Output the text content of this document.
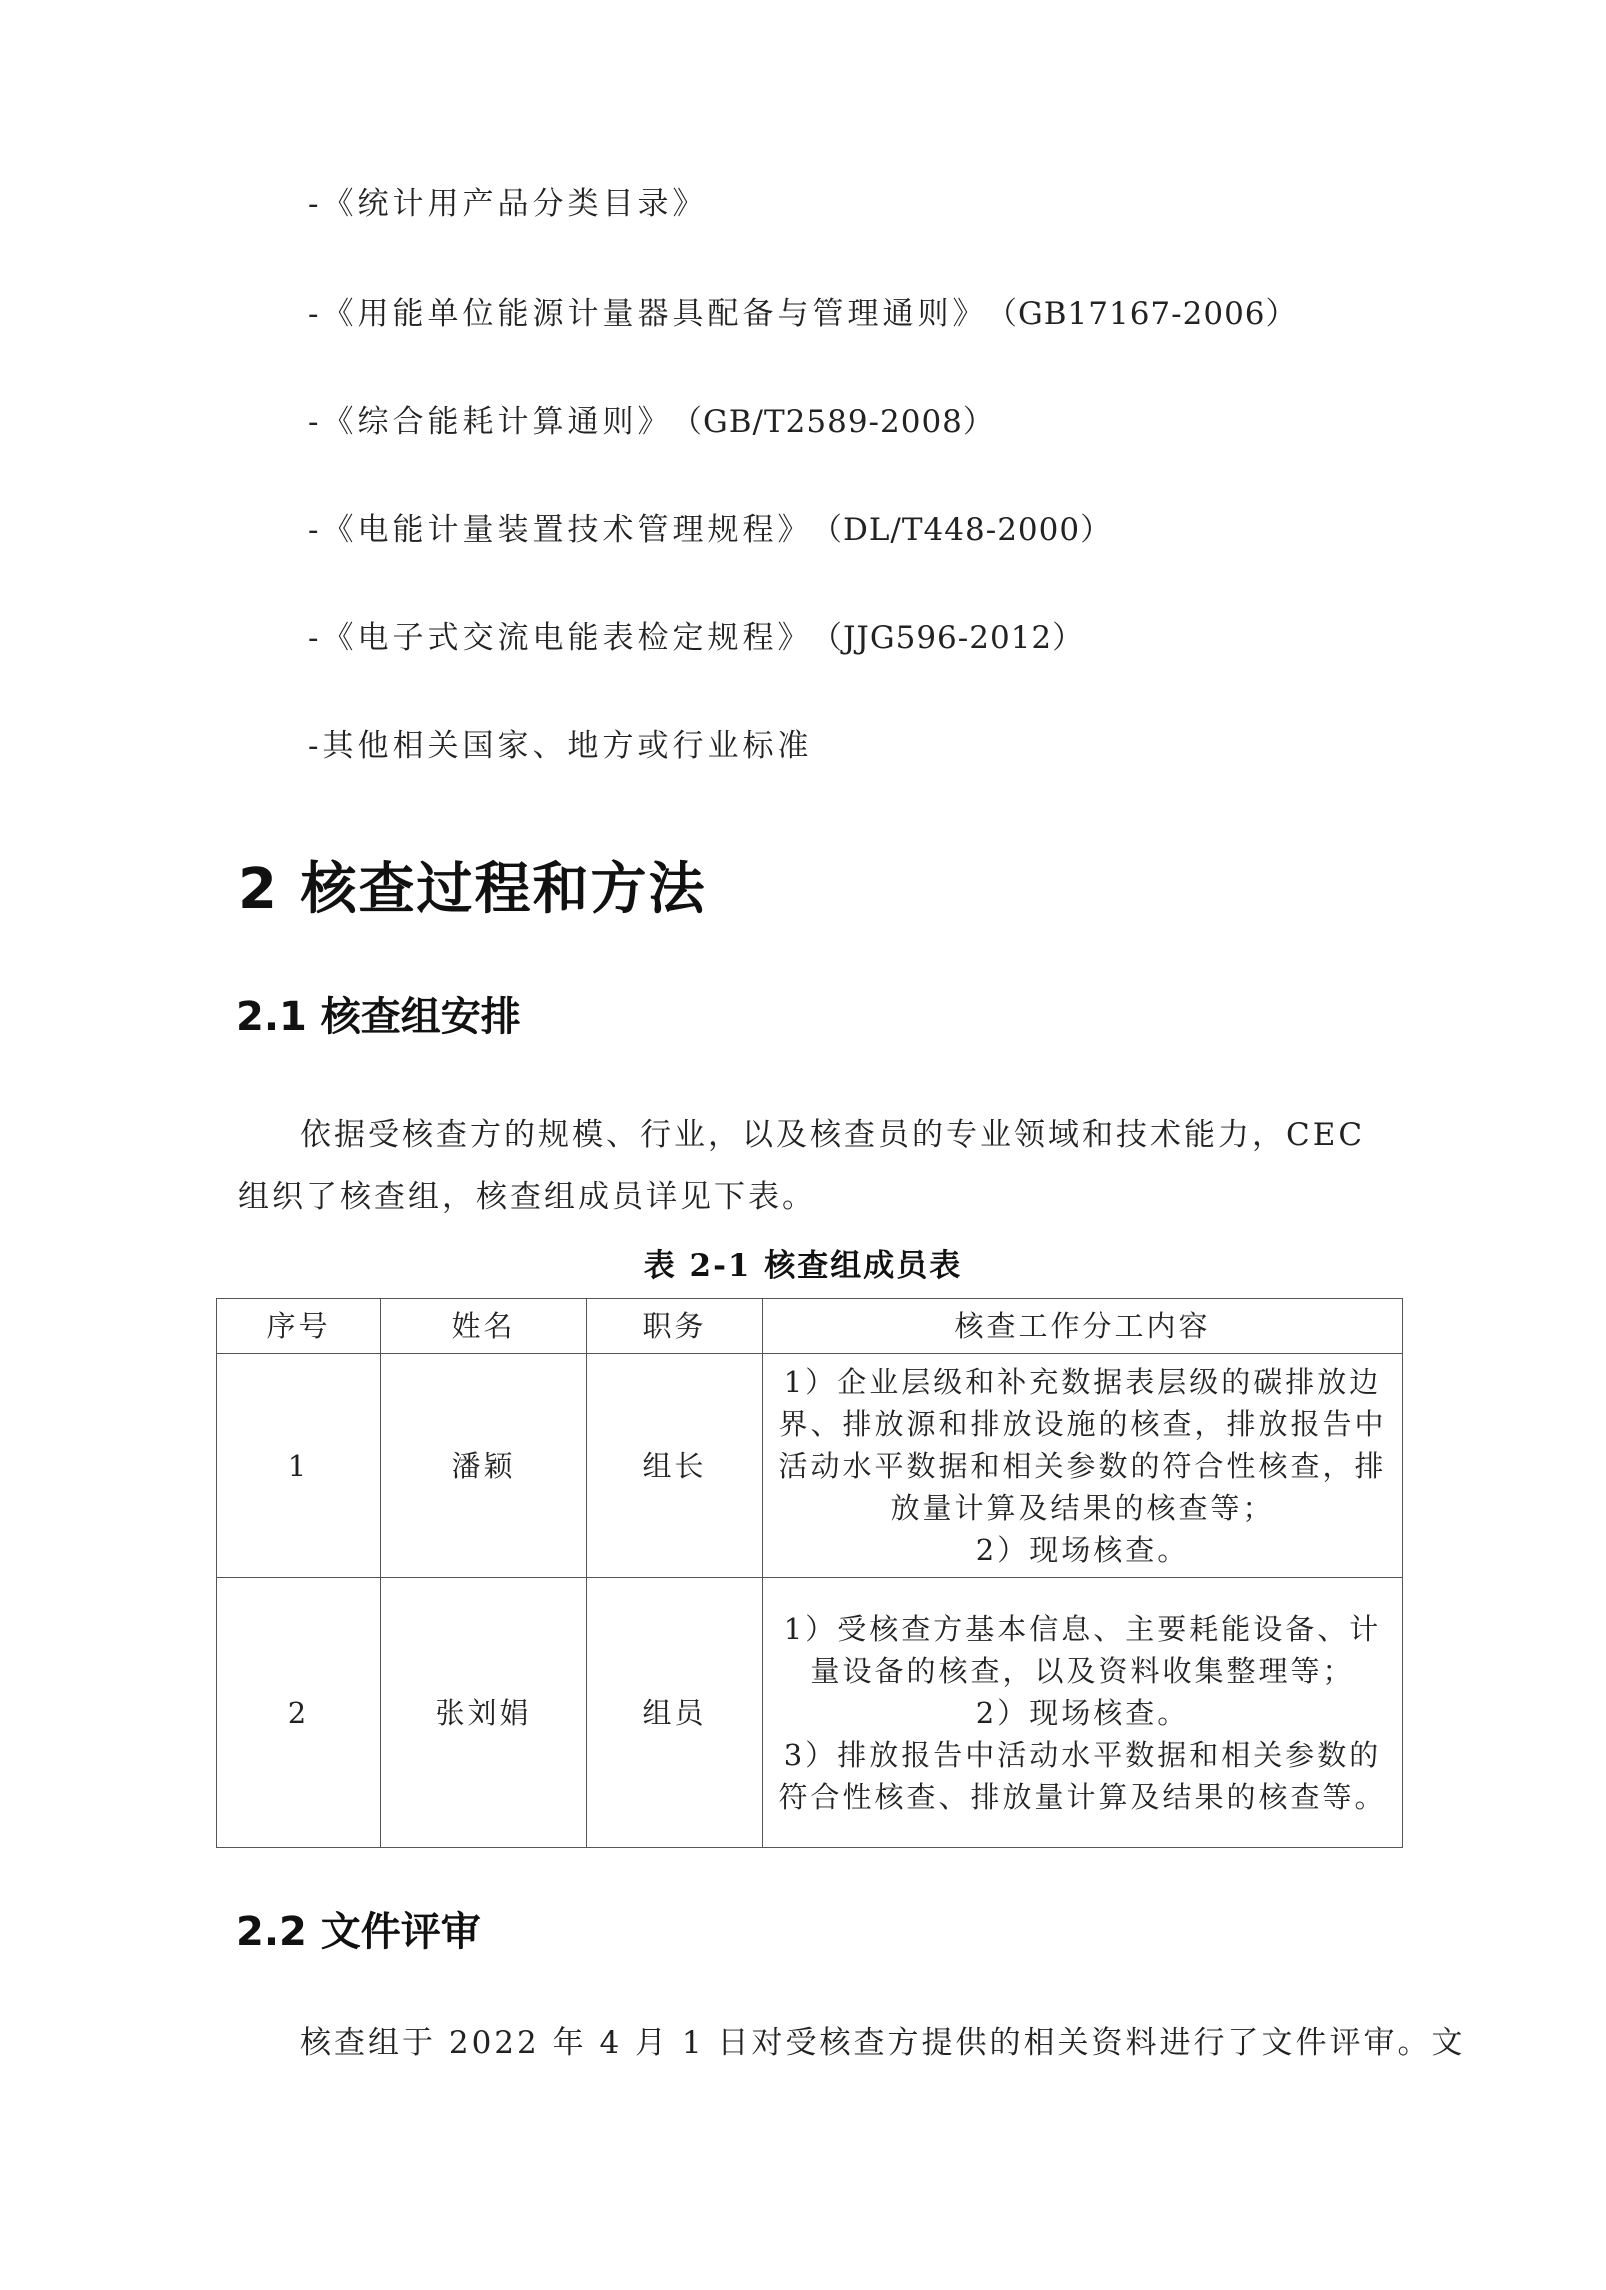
-《统计用产品分类目录》
-《用能单位能源计量器具配备与管理通则》 （GB17167-2006）
-《综合能耗计算通则》 （GB/T2589-2008）
-《电能计量装置技术管理规程》 （DL/T448-2000）
-《电子式交流电能表检定规程》 （JJG596-2012）
-其他相关国家、地方或行业标准
2 核查过程和方法
2.1 核查组安排
依据受核查方的规模、行业，以及核查员的专业领域和技术能力，CEC 组织了核查组，核查组成员详见下表。
表 2-1 核查组成员表
序号	姓名	职务	核查工作分工内容
1	潘颖	组长	1）企业层级和补充数据表层级的碳排放边界、排放源和排放设施的核查，排放报告中活动水平数据和相关参数的符合性核查，排放量计算及结果的核查等；
2）现场核查。

2	张刘娟	组员	1）受核查方基本信息、主要耗能设备、计量设备的核查，以及资料收集整理等；
2）现场核查。
3）排放报告中活动水平数据和相关参数的符合性核查、排放量计算及结果的核查等。
2.2 文件评审
核查组于 2022 年 4 月 1 日对受核查方提供的相关资料进行了文件评审。文
